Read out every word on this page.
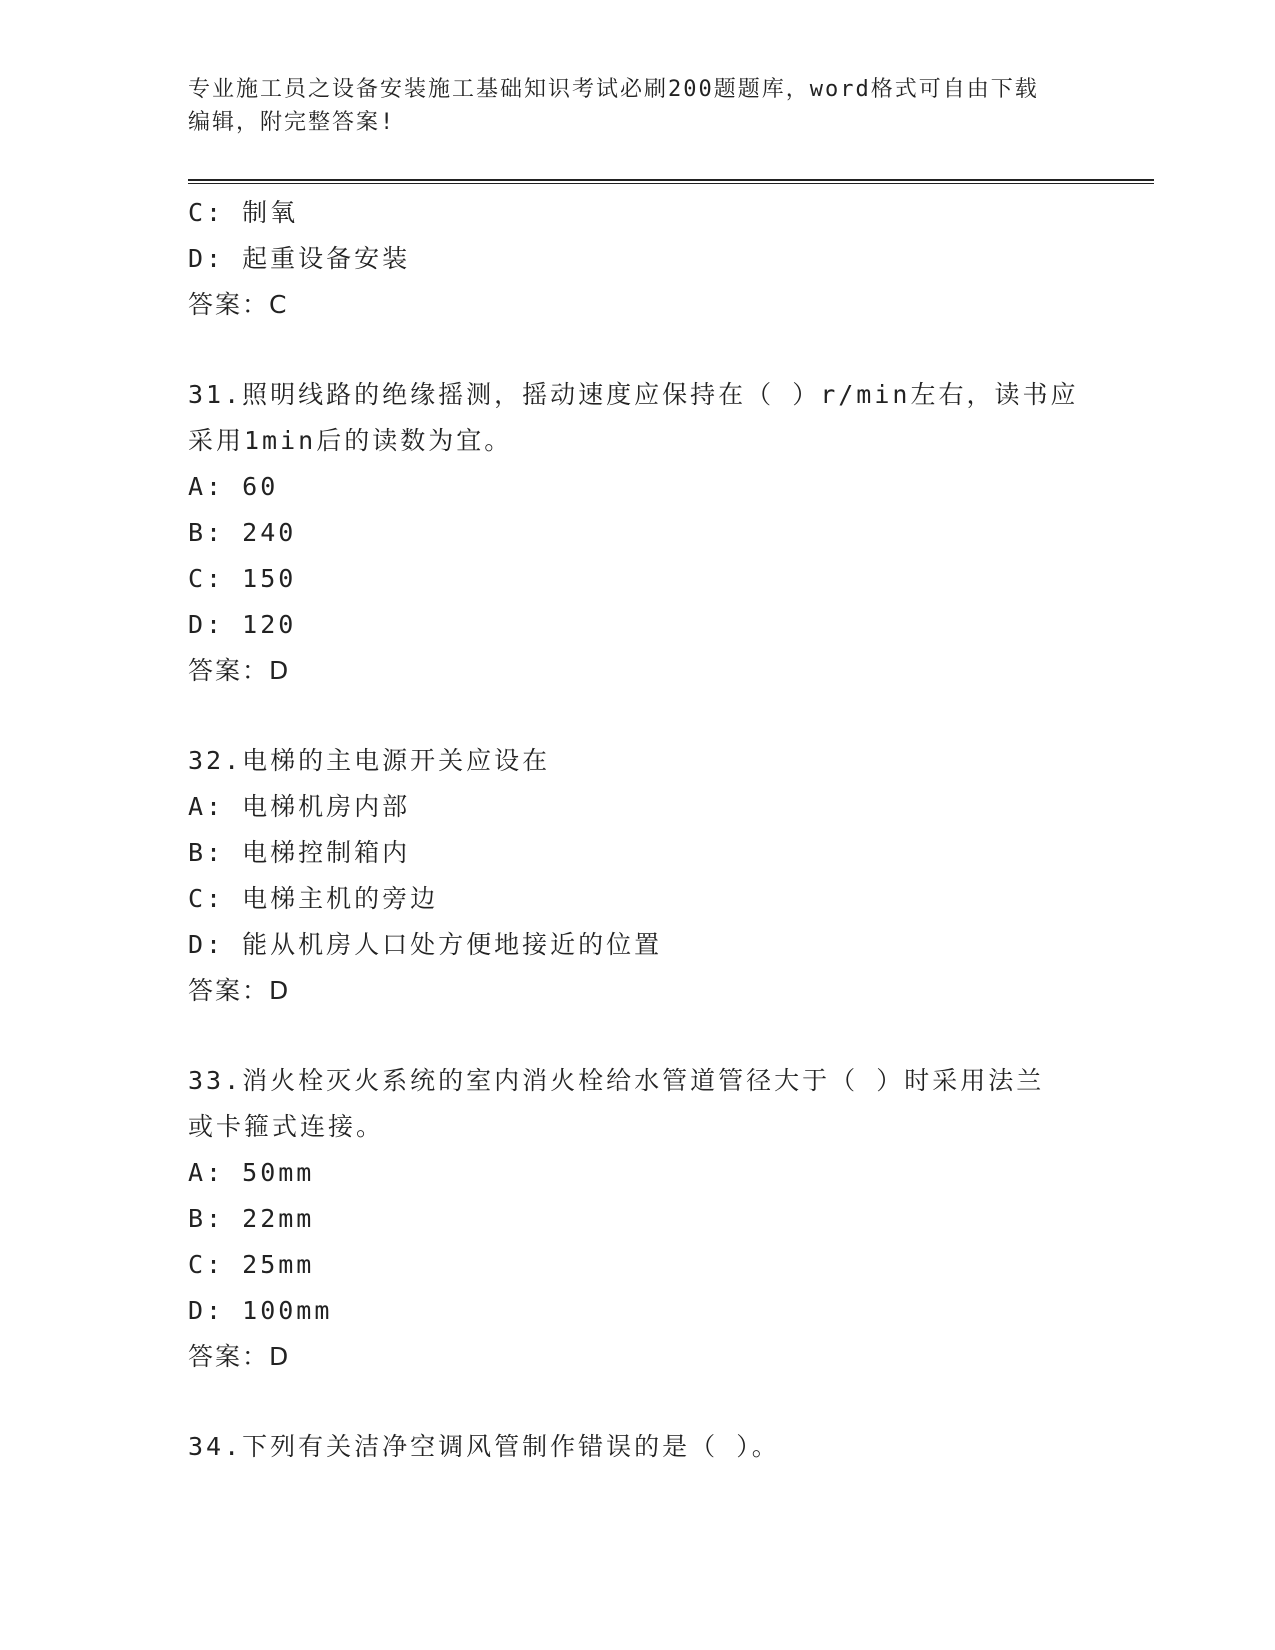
专业施工员之设备安装施工基础知识考试必刷200题题库，word格式可自由下载
编辑，附完整答案!
C: 制氧
D: 起重设备安装
答案：C
31.照明线路的绝缘摇测，摇动速度应保持在（ ）r/min左右，读书应
采用1min后的读数为宜。
A: 60
B: 240
C: 150
D: 120
答案：D
32.电梯的主电源开关应设在
A: 电梯机房内部
B: 电梯控制箱内
C: 电梯主机的旁边
D: 能从机房人口处方便地接近的位置
答案：D
33.消火栓灭火系统的室内消火栓给水管道管径大于（ ）时采用法兰
或卡箍式连接。
A: 50mm
B: 22mm
C: 25mm
D: 100mm
答案：D
34.下列有关洁净空调风管制作错误的是（ ）。
